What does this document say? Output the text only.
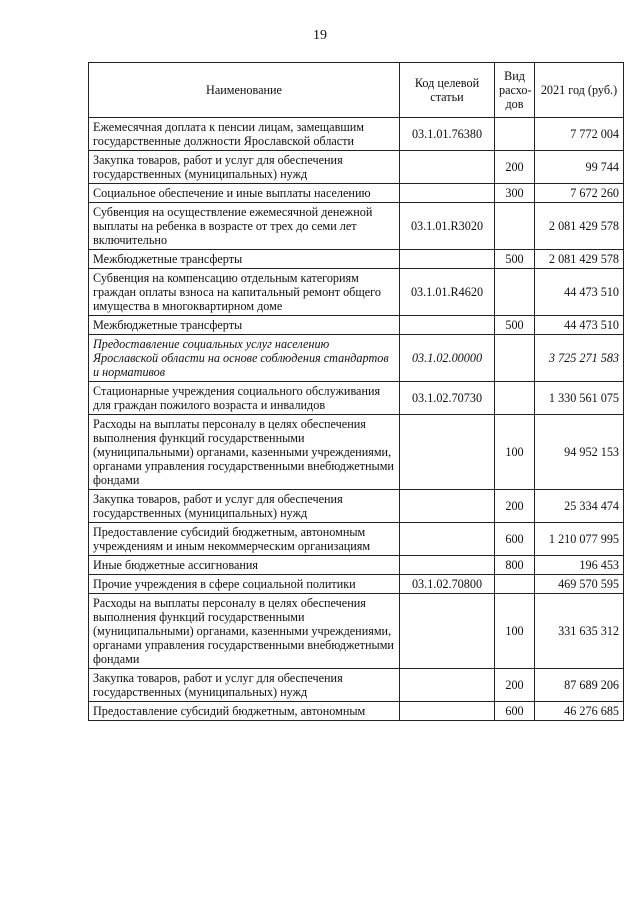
19
Наименование	Код целевой статьи	Вид расхо-дов	2021 год (руб.)
Ежемесячная доплата к пенсии лицам, замещавшим государственные должности Ярославской области	03.1.01.76380		7 772 004
Закупка товаров, работ и услуг для обеспечения государственных (муниципальных) нужд		200	99 744
Социальное обеспечение и иные выплаты населению		300	7 672 260
Субвенция на осуществление ежемесячной денежной выплаты на ребенка в возрасте от трех до семи лет включительно	03.1.01.R3020		2 081 429 578
Межбюджетные трансферты		500	2 081 429 578
Субвенция на компенсацию отдельным категориям граждан оплаты взноса на капитальный ремонт общего имущества в многоквартирном доме	03.1.01.R4620		44 473 510
Межбюджетные трансферты		500	44 473 510
Предоставление социальных услуг населению Ярославской области на основе соблюдения стандартов и нормативов	03.1.02.00000		3 725 271 583
Стационарные учреждения социального обслуживания для граждан пожилого возраста и инвалидов	03.1.02.70730		1 330 561 075
Расходы на выплаты персоналу в целях обеспечения выполнения функций государственными (муниципальными) органами, казенными учреждениями, органами управления государственными внебюджетными фондами		100	94 952 153
Закупка товаров, работ и услуг для обеспечения государственных (муниципальных) нужд		200	25 334 474
Предоставление субсидий бюджетным, автономным учреждениям и иным некоммерческим организациям		600	1 210 077 995
Иные бюджетные ассигнования		800	196 453
Прочие учреждения в сфере социальной политики	03.1.02.70800		469 570 595
Расходы на выплаты персоналу в целях обеспечения выполнения функций государственными (муниципальными) органами, казенными учреждениями, органами управления государственными внебюджетными фондами		100	331 635 312
Закупка товаров, работ и услуг для обеспечения государственных (муниципальных) нужд		200	87 689 206
Предоставление субсидий бюджетным, автономным		600	46 276 685
